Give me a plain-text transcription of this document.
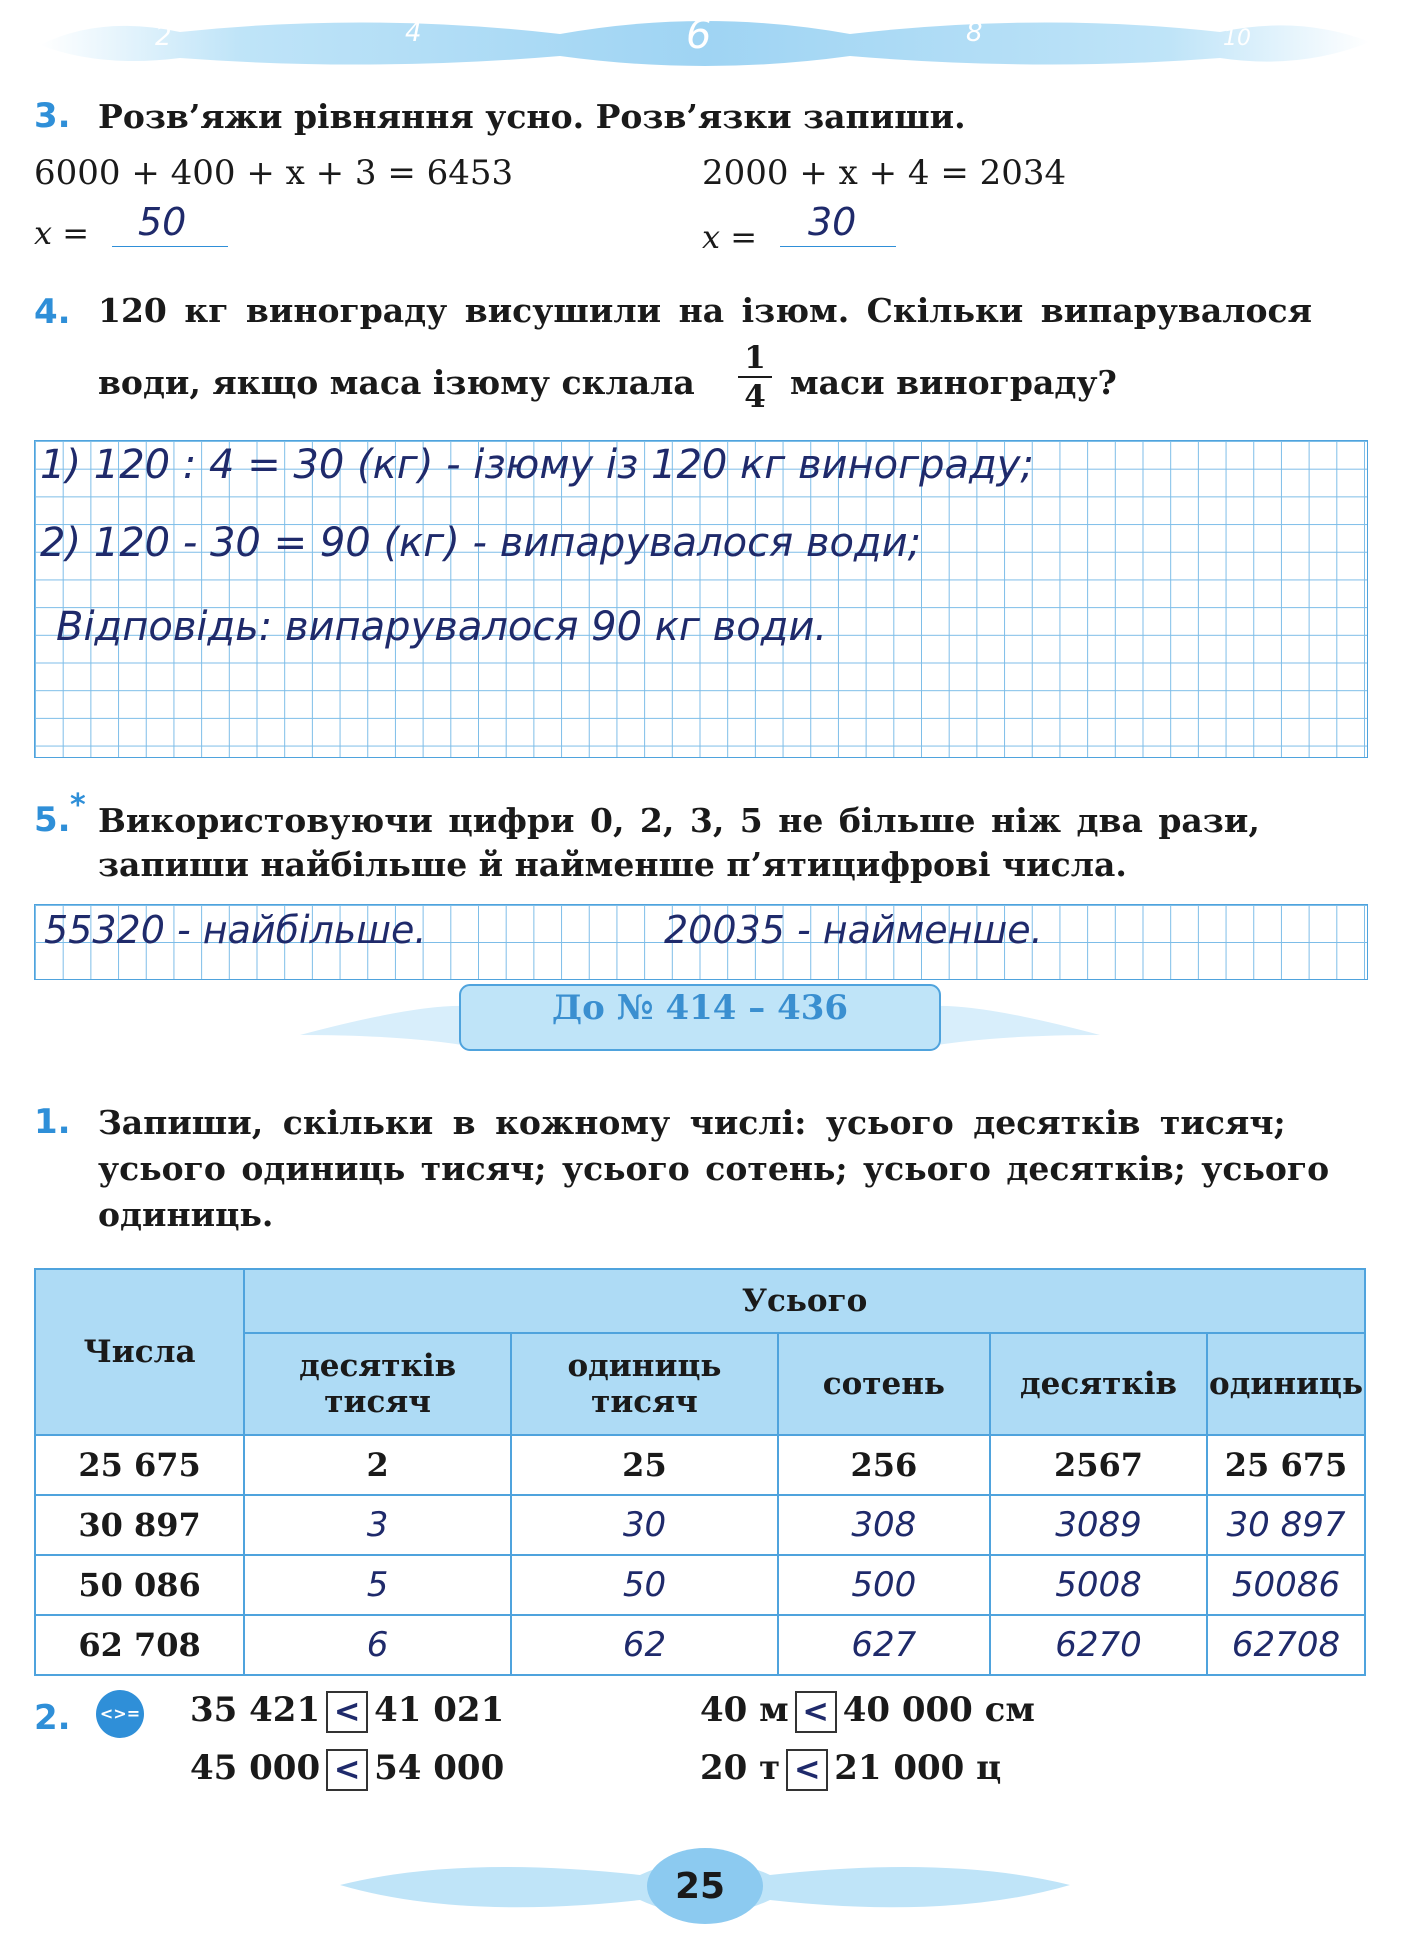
2	4	6	8	10
3. Розв’яжи рівняння усно. Розв’язки запиши.
6000 + 400 + x + 3 = 6453
x = 50
2000 + x + 4 = 2034
x = 30
4. 120 кг винограду висушили на ізюм. Скільки випарувалося
води, якщо маса ізюму склала
1
4 маси винограду?
1) 120 : 4 = 30 (кг) - ізюму із 120 кг винограду;
2) 120 - 30 = 90 (кг) - випарувалося води;
Відповідь: випарувалося 90 кг води.
5. * Використовуючи цифри 0, 2, 3, 5 не більше ніж два рази,
запиши найбільше й найменше п’ятицифрові числа.
55320 - найбільше.	20035 - найменше.
До № 414 – 436
1. Запиши, скільки в кожному числі: усього десятків тисяч;
усього одиниць тисяч; усього сотень; усього десятків; усього
одиниць.
Числа	Усього				
	десятків тисяч	одиниць тисяч	сотень	десятків	одиниць
25 675	2	25	256	2567	25 675
30 897	3	30	308	3089	30 897
50 086	5	50	500	5008	50086
62 708	6	62	627	6270	62708
2. <>= 35 421 < 41 021
45 000 < 54 000
40 м < 40 000 см
20 т < 21 000 ц
25
